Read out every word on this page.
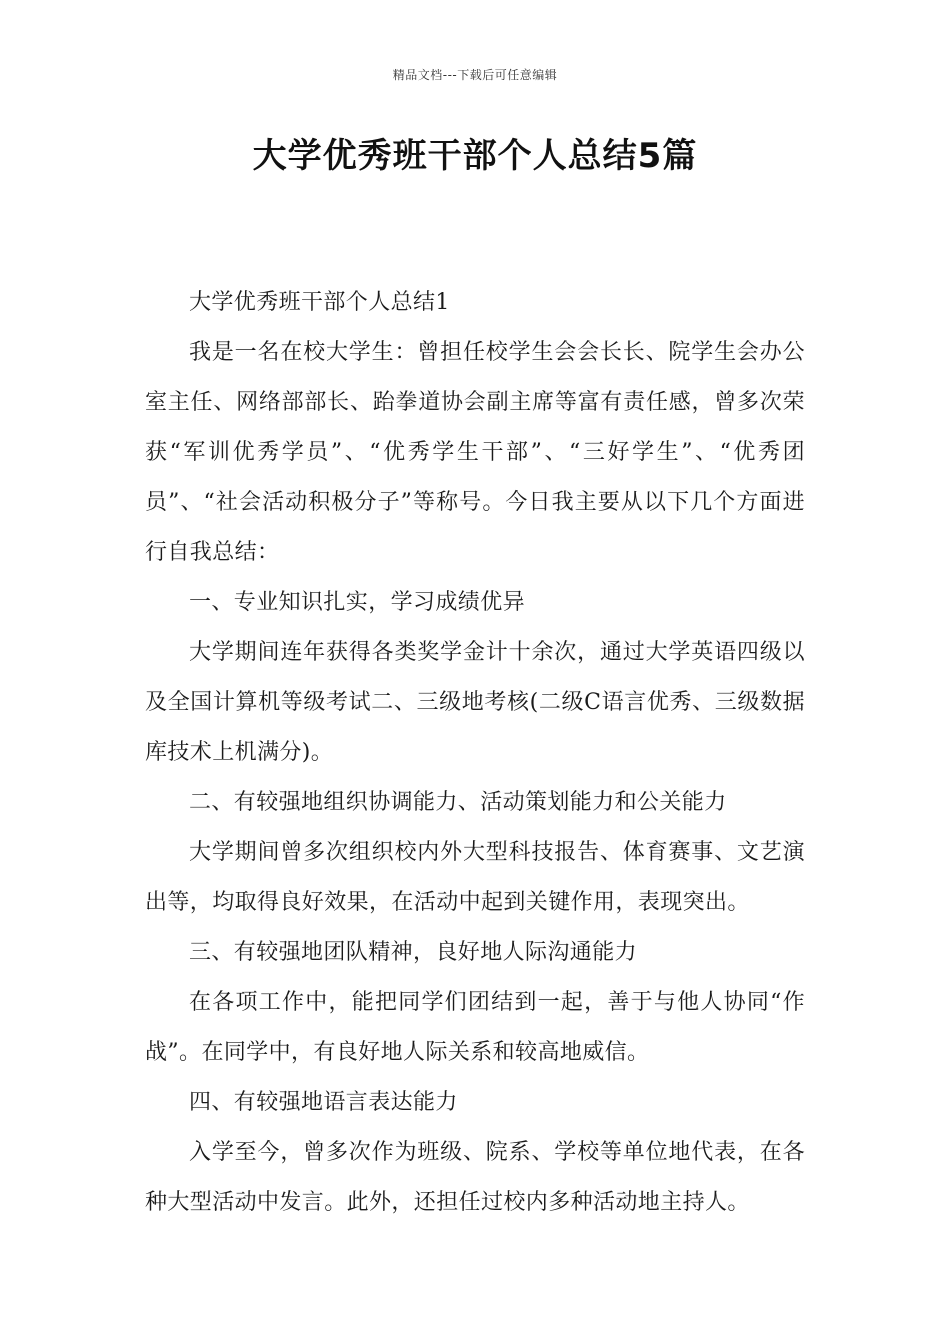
精品文档---下载后可任意编辑
大学优秀班干部个人总结5篇

大学优秀班干部个人总结1

我是一名在校大学生：曾担任校学生会会长长、院学生会办公室主任、网络部部长、跆拳道协会副主席等富有责任感，曾多次荣获“军训优秀学员”、“优秀学生干部”、“三好学生”、“优秀团员”、“社会活动积极分子”等称号。今日我主要从以下几个方面进行自我总结：

一、专业知识扎实，学习成绩优异

大学期间连年获得各类奖学金计十余次，通过大学英语四级以及全国计算机等级考试二、三级地考核(二级C语言优秀、三级数据库技术上机满分)。

二、有较强地组织协调能力、活动策划能力和公关能力

大学期间曾多次组织校内外大型科技报告、体育赛事、文艺演出等，均取得良好效果，在活动中起到关键作用，表现突出。

三、有较强地团队精神，良好地人际沟通能力

在各项工作中，能把同学们团结到一起，善于与他人协同“作战”。在同学中，有良好地人际关系和较高地威信。

四、有较强地语言表达能力

入学至今，曾多次作为班级、院系、学校等单位地代表，在各种大型活动中发言。此外，还担任过校内多种活动地主持人。
